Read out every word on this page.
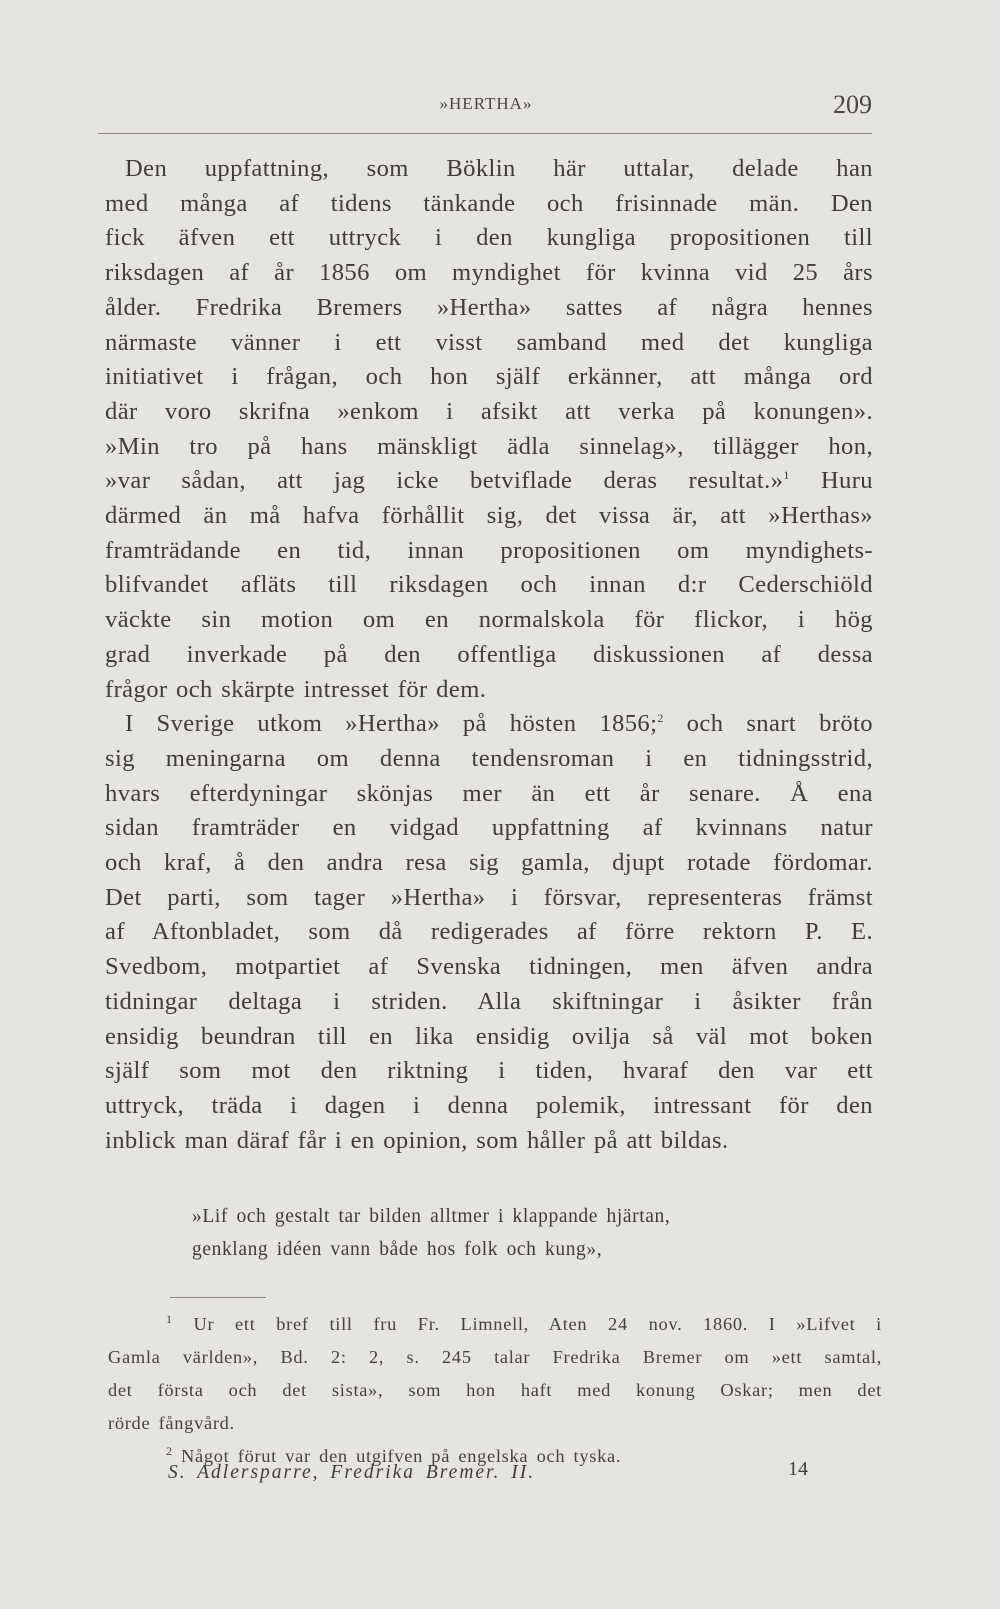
»HERTHA»	209
Den uppfattning, som Böklin här uttalar, delade han
med många af tidens tänkande och frisinnade män. Den
fick äfven ett uttryck i den kungliga propositionen till
riksdagen af år 1856 om myndighet för kvinna vid 25 års
ålder. Fredrika Bremers »Hertha» sattes af några hennes
närmaste vänner i ett visst samband med det kungliga
initiativet i frågan, och hon själf erkänner, att många ord
där voro skrifna »enkom i afsikt att verka på konungen».
»Min tro på hans mänskligt ädla sinnelag», tillägger hon,
»var sådan, att jag icke betviflade deras resultat.»$^1$ Huru
därmed än må hafva förhållit sig, det vissa är, att »Herthas»
framträdande en tid, innan propositionen om myndighets-
blifvandet afläts till riksdagen och innan d:r Cederschiöld
väckte sin motion om en normalskola för flickor, i hög
grad inverkade på den offentliga diskussionen af dessa
frågor och skärpte intresset för dem.
I Sverige utkom »Hertha» på hösten 1856;$^2$ och snart bröto
sig meningarna om denna tendensroman i en tidningsstrid,
hvars efterdyningar skönjas mer än ett år senare. Å ena
sidan framträder en vidgad uppfattning af kvinnans natur
och kraf, å den andra resa sig gamla, djupt rotade fördomar.
Det parti, som tager »Hertha» i försvar, representeras främst
af Aftonbladet, som då redigerades af förre rektorn P. E.
Svedbom, motpartiet af Svenska tidningen, men äfven andra
tidningar deltaga i striden. Alla skiftningar i åsikter från
ensidig beundran till en lika ensidig ovilja så väl mot boken
själf som mot den riktning i tiden, hvaraf den var ett
uttryck, träda i dagen i denna polemik, intressant för den
inblick man däraf får i en opinion, som håller på att bildas.
»Lif och gestalt tar bilden alltmer i klappande hjärtan,
genklang idéen vann både hos folk och kung»,
$^1$ Ur ett bref till fru Fr. Limnell, Aten 24 nov. 1860. I »Lifvet i
Gamla världen», Bd. 2: 2, s. 245 talar Fredrika Bremer om »ett samtal,
det första och det sista», som hon haft med konung Oskar; men det
rörde fångvård.
$^2$ Något förut var den utgifven på engelska och tyska.
S. Adlersparre, Fredrika Bremer. II.	14
